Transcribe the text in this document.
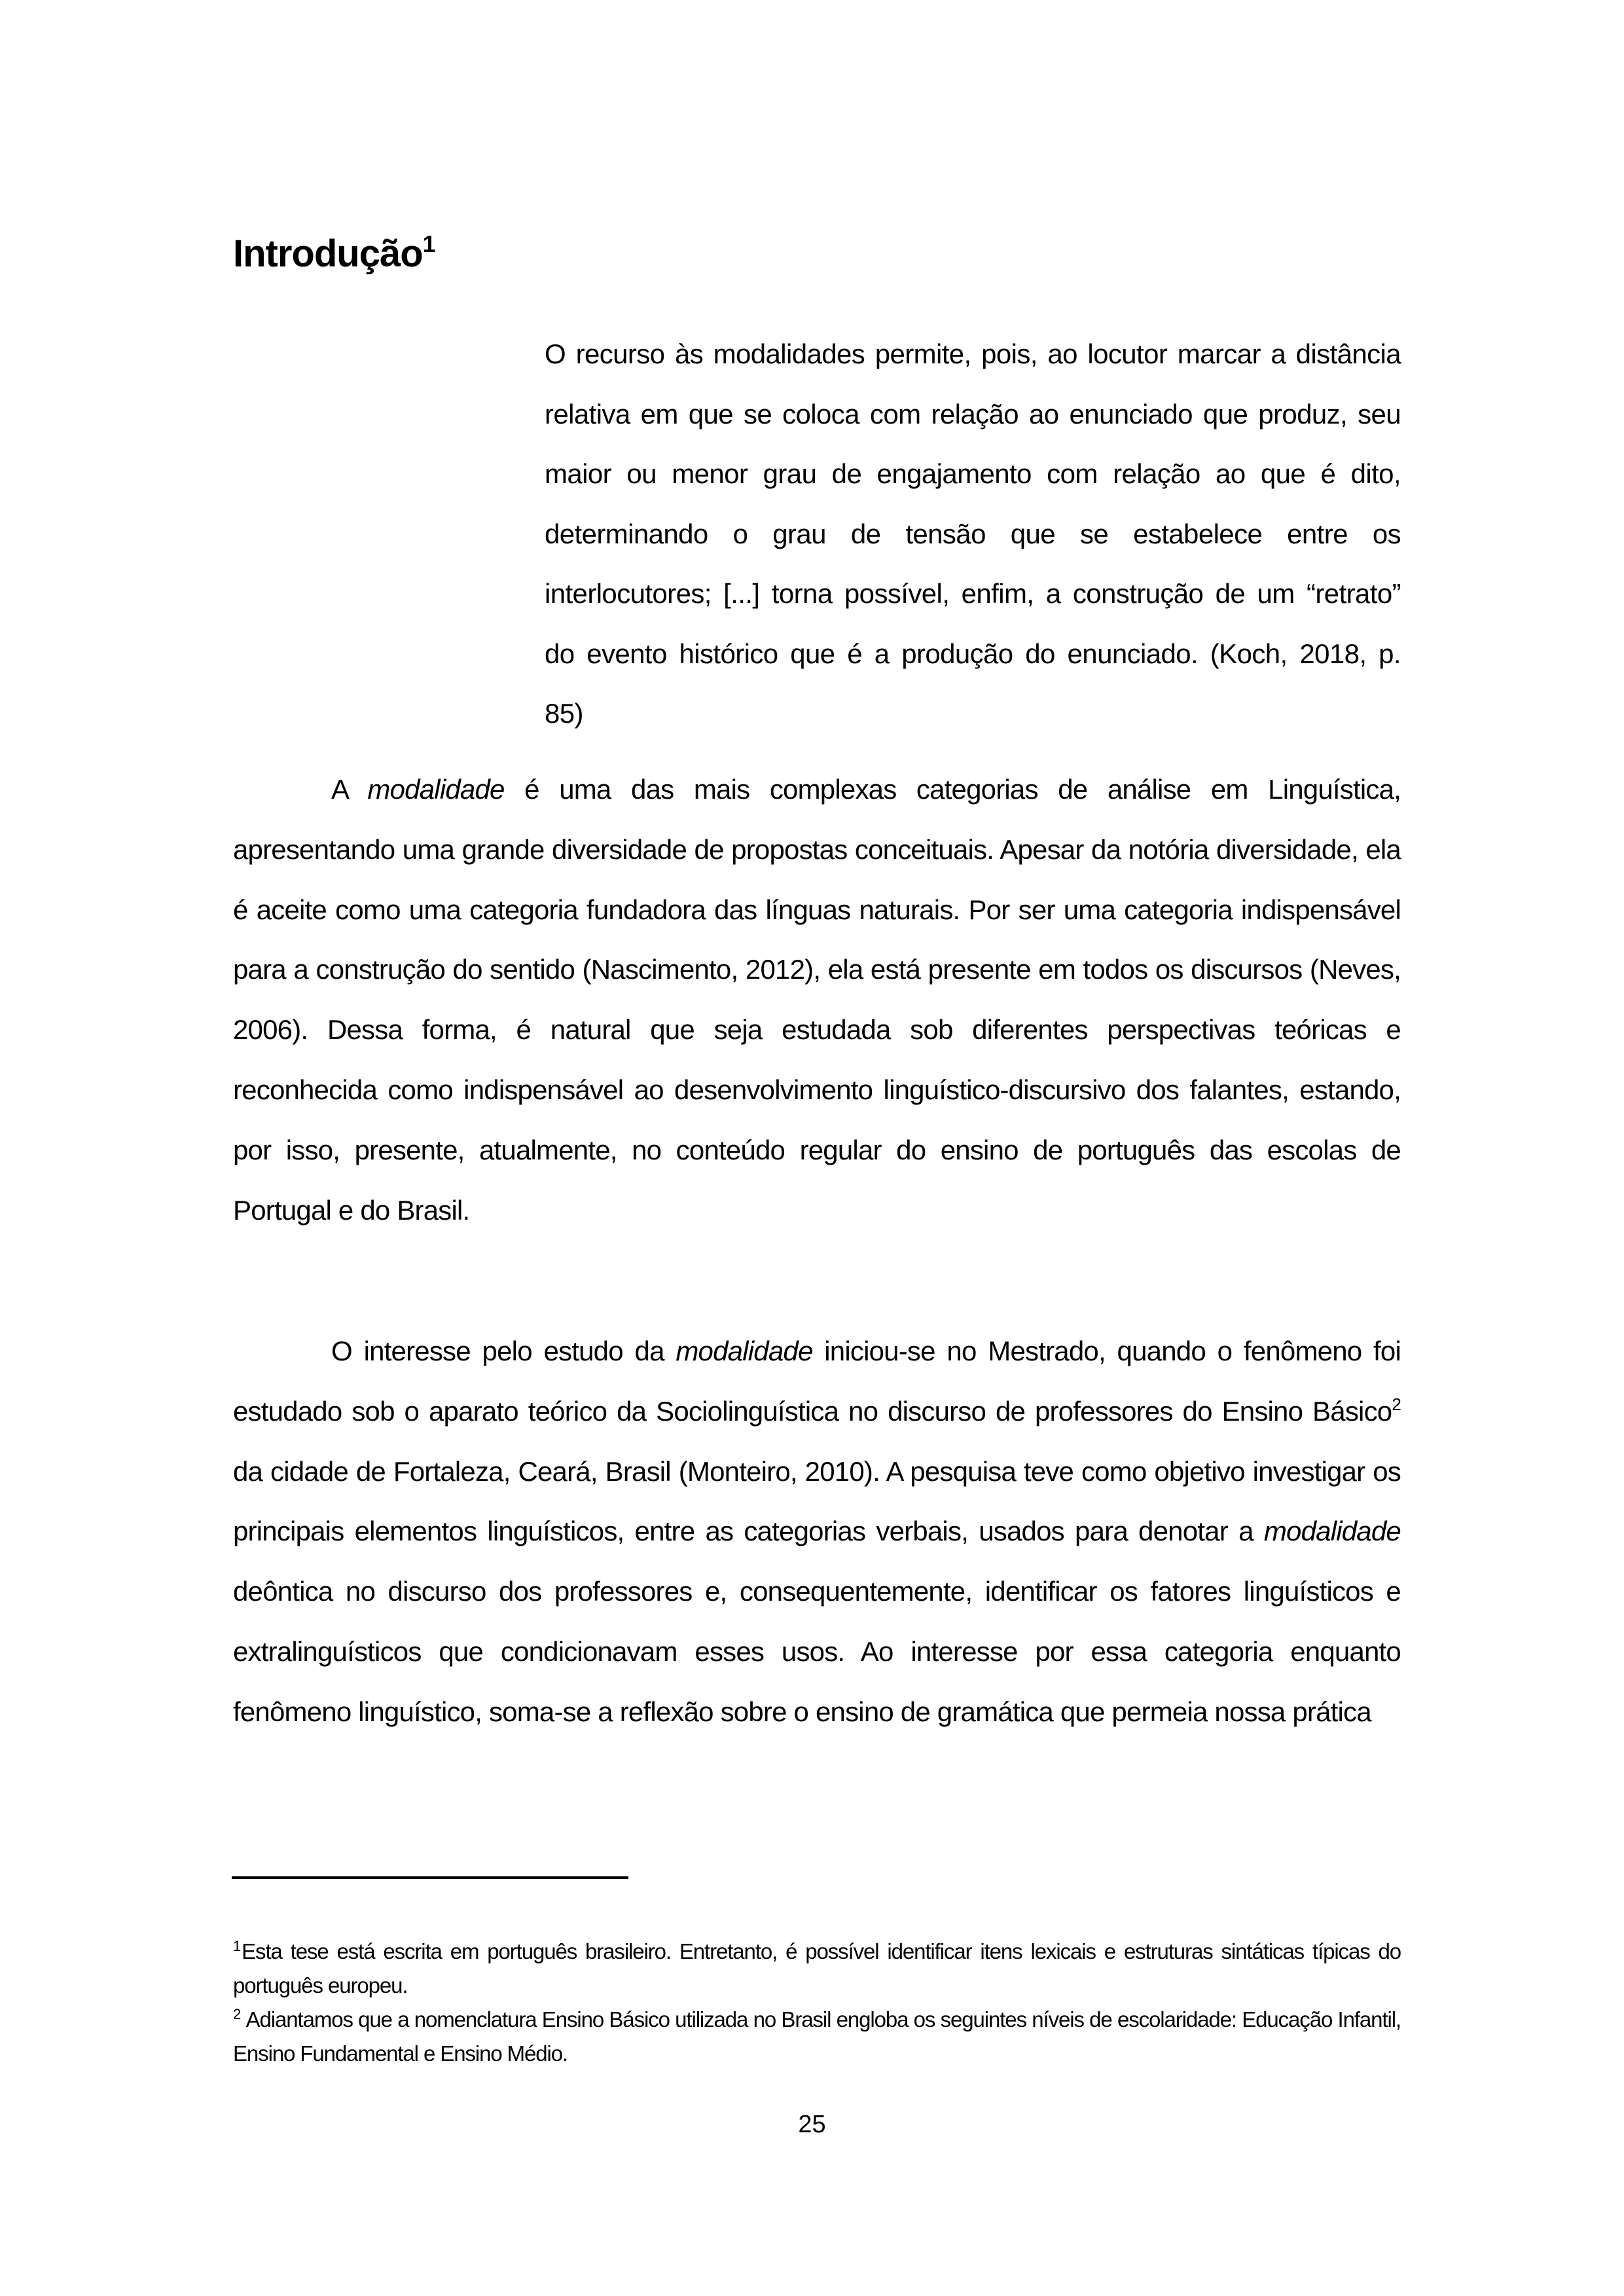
Introdução$^1$
O recurso às modalidades permite, pois, ao locutor marcar a distância relativa em que se coloca com relação ao enunciado que produz, seu maior ou menor grau de engajamento com relação ao que é dito, determinando o grau de tensão que se estabelece entre os interlocutores; [...] torna possível, enfim, a construção de um “retrato” do evento histórico que é a produção do enunciado. (Koch, 2018, p. 85)

A modalidade é uma das mais complexas categorias de análise em Linguística, apresentando uma grande diversidade de propostas conceituais. Apesar da notória diversidade, ela é aceite como uma categoria fundadora das línguas naturais. Por ser uma categoria indispensável para a construção do sentido (Nascimento, 2012), ela está presente em todos os discursos (Neves, 2006). Dessa forma, é natural que seja estudada sob diferentes perspectivas teóricas e reconhecida como indispensável ao desenvolvimento linguístico-discursivo dos falantes, estando, por isso, presente, atualmente, no conteúdo regular do ensino de português das escolas de Portugal e do Brasil.

O interesse pelo estudo da modalidade iniciou-se no Mestrado, quando o fenômeno foi estudado sob o aparato teórico da Sociolinguística no discurso de professores do Ensino Básico$^2$ da cidade de Fortaleza, Ceará, Brasil (Monteiro, 2010). A pesquisa teve como objetivo investigar os principais elementos linguísticos, entre as categorias verbais, usados para denotar a modalidade deôntica no discurso dos professores e, consequentemente, identificar os fatores linguísticos e extralinguísticos que condicionavam esses usos. Ao interesse por essa categoria enquanto fenômeno linguístico, soma-se a reflexão sobre o ensino de gramática que permeia nossa prática

$^1$Esta tese está escrita em português brasileiro. Entretanto, é possível identificar itens lexicais e estruturas sintáticas típicas do português europeu.

$^2$ Adiantamos que a nomenclatura Ensino Básico utilizada no Brasil engloba os seguintes níveis de escolaridade: Educação Infantil, Ensino Fundamental e Ensino Médio.

25
